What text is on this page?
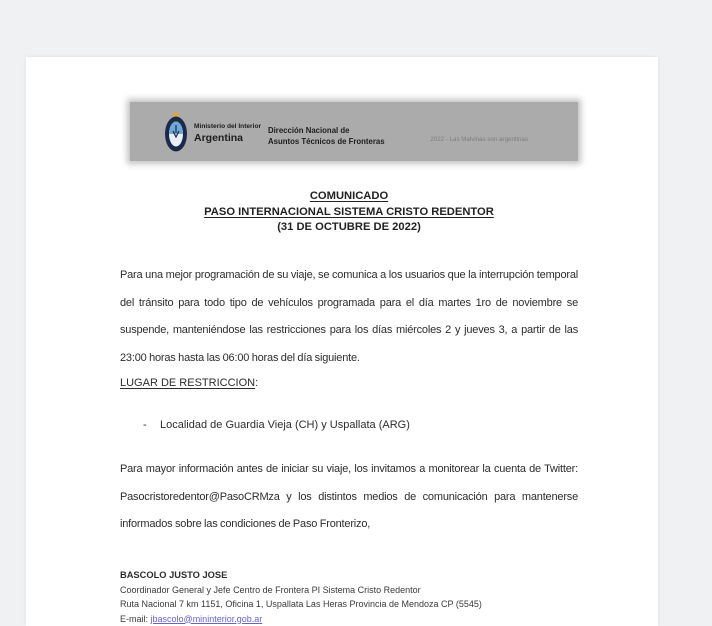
Ministerio del Interior
Argentina
Dirección Nacional de
Asuntos Técnicos de Fronteras	2022 - Las Malvinas son argentinas
COMUNICADO
PASO INTERNACIONAL SISTEMA CRISTO REDENTOR
(31 DE OCTUBRE DE 2022)
Para una mejor programación de su viaje, se comunica a los usuarios que la interrupción temporal del tránsito para todo tipo de vehículos programada para el día martes 1ro de noviembre se suspende, manteniéndose las restricciones para los días miércoles 2 y jueves 3, a partir de las 23:00 horas hasta las 06:00 horas del día siguiente.
LUGAR DE RESTRICCION:
-	Localidad de Guardia Vieja (CH) y Uspallata (ARG)
Para mayor información antes de iniciar su viaje, los invitamos a monitorear la cuenta de Twitter: Pasocristoredentor@PasoCRMza y los distintos medios de comunicación para mantenerse informados sobre las condiciones de Paso Fronterizo,
BASCOLO JUSTO JOSE
Coordinador General y Jefe Centro de Frontera PI Sistema Cristo Redentor
Ruta Nacional 7 km 1151, Oficina 1, Uspallata Las Heras Provincia de Mendoza CP (5545)
E-mail: jbascolo@mininterior.gob.ar
